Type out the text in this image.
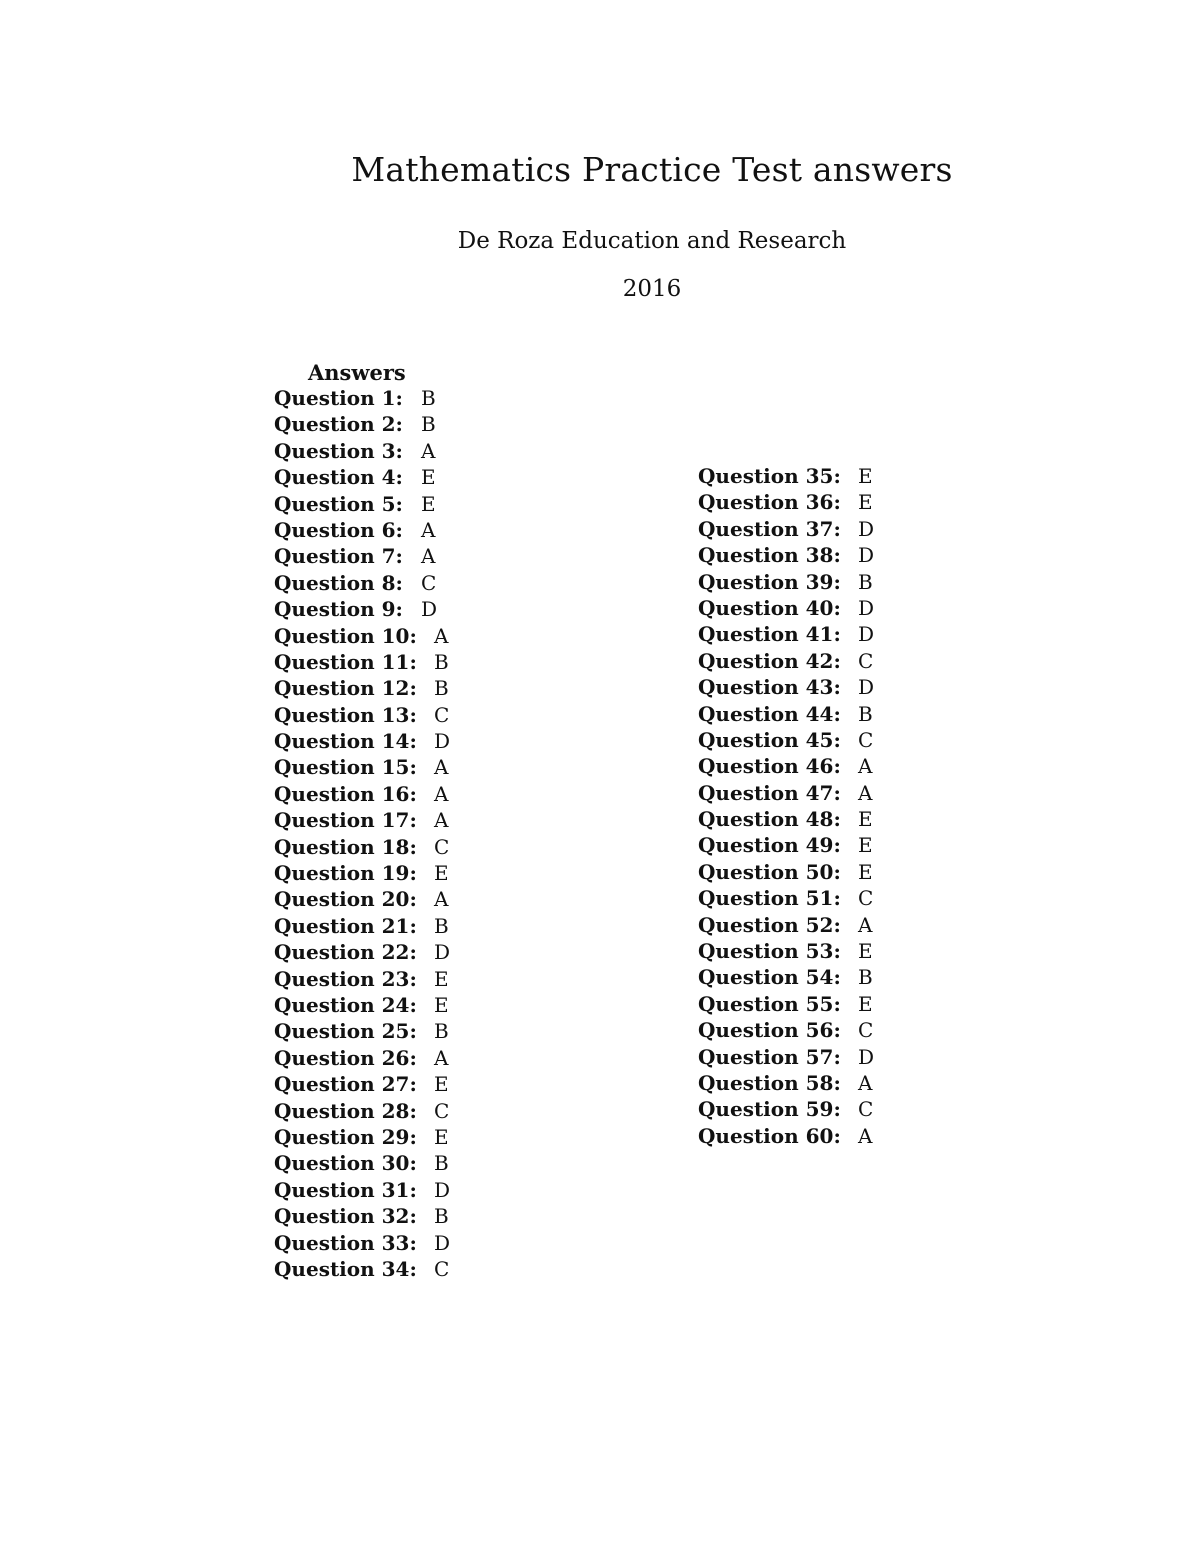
Mathematics Practice Test answers
De Roza Education and Research
2016
Answers
Question 1: B
Question 2: B
Question 3: A
Question 4: E
Question 5: E
Question 6: A
Question 7: A
Question 8: C
Question 9: D
Question 10: A
Question 11: B
Question 12: B
Question 13: C
Question 14: D
Question 15: A
Question 16: A
Question 17: A
Question 18: C
Question 19: E
Question 20: A
Question 21: B
Question 22: D
Question 23: E
Question 24: E
Question 25: B
Question 26: A
Question 27: E
Question 28: C
Question 29: E
Question 30: B
Question 31: D
Question 32: B
Question 33: D
Question 34: C
Question 35: E
Question 36: E
Question 37: D
Question 38: D
Question 39: B
Question 40: D
Question 41: D
Question 42: C
Question 43: D
Question 44: B
Question 45: C
Question 46: A
Question 47: A
Question 48: E
Question 49: E
Question 50: E
Question 51: C
Question 52: A
Question 53: E
Question 54: B
Question 55: E
Question 56: C
Question 57: D
Question 58: A
Question 59: C
Question 60: A
